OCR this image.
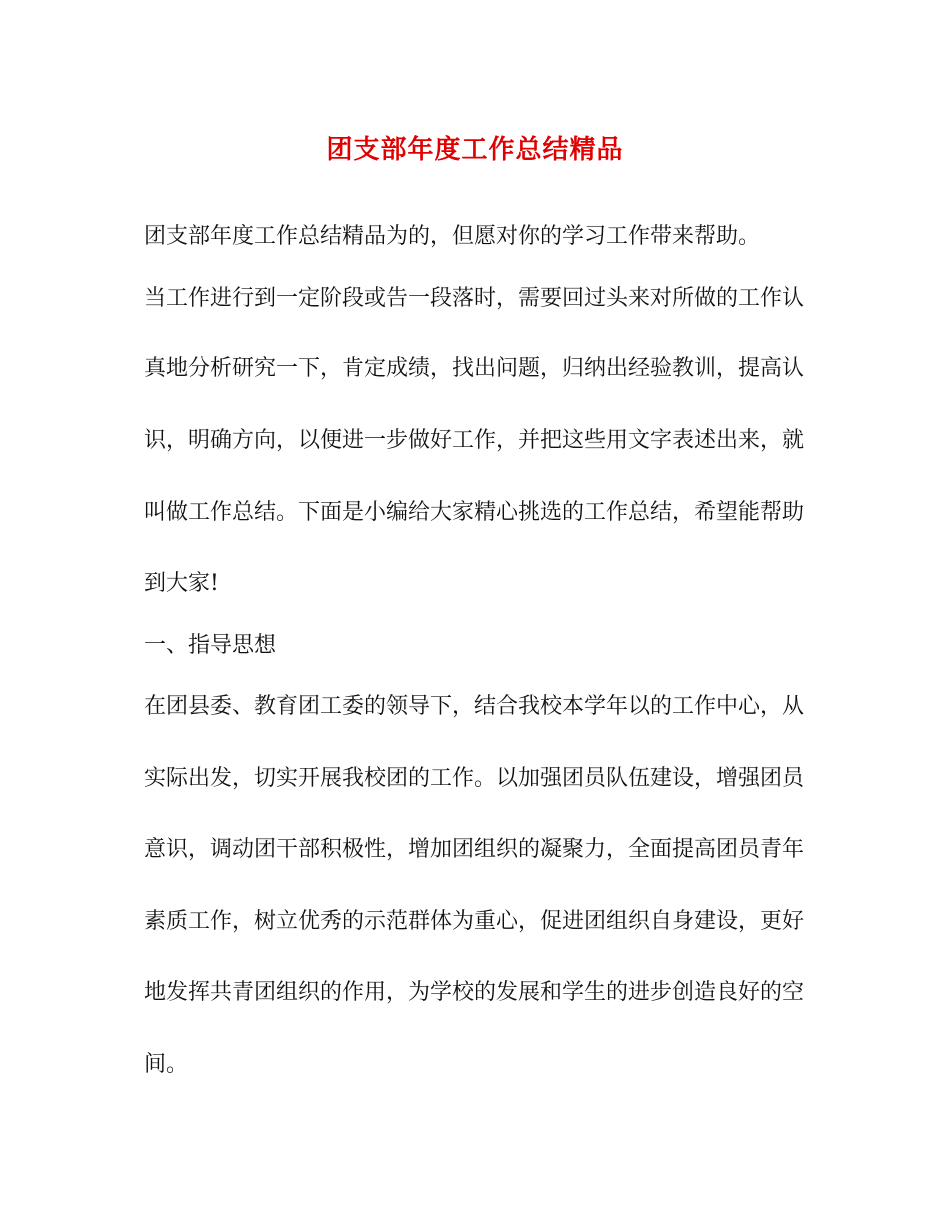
团支部年度工作总结精品
团支部年度工作总结精品为的，但愿对你的学习工作带来帮助。
当工作进行到一定阶段或告一段落时，需要回过头来对所做的工作认
真地分析研究一下，肯定成绩，找出问题，归纳出经验教训，提高认
识，明确方向，以便进一步做好工作，并把这些用文字表述出来，就
叫做工作总结。下面是小编给大家精心挑选的工作总结，希望能帮助
到大家!
一、指导思想
在团县委、教育团工委的领导下，结合我校本学年以的工作中心，从
实际出发，切实开展我校团的工作。以加强团员队伍建设，增强团员
意识，调动团干部积极性，增加团组织的凝聚力，全面提高团员青年
素质工作，树立优秀的示范群体为重心，促进团组织自身建设，更好
地发挥共青团组织的作用，为学校的发展和学生的进步创造良好的空
间。
